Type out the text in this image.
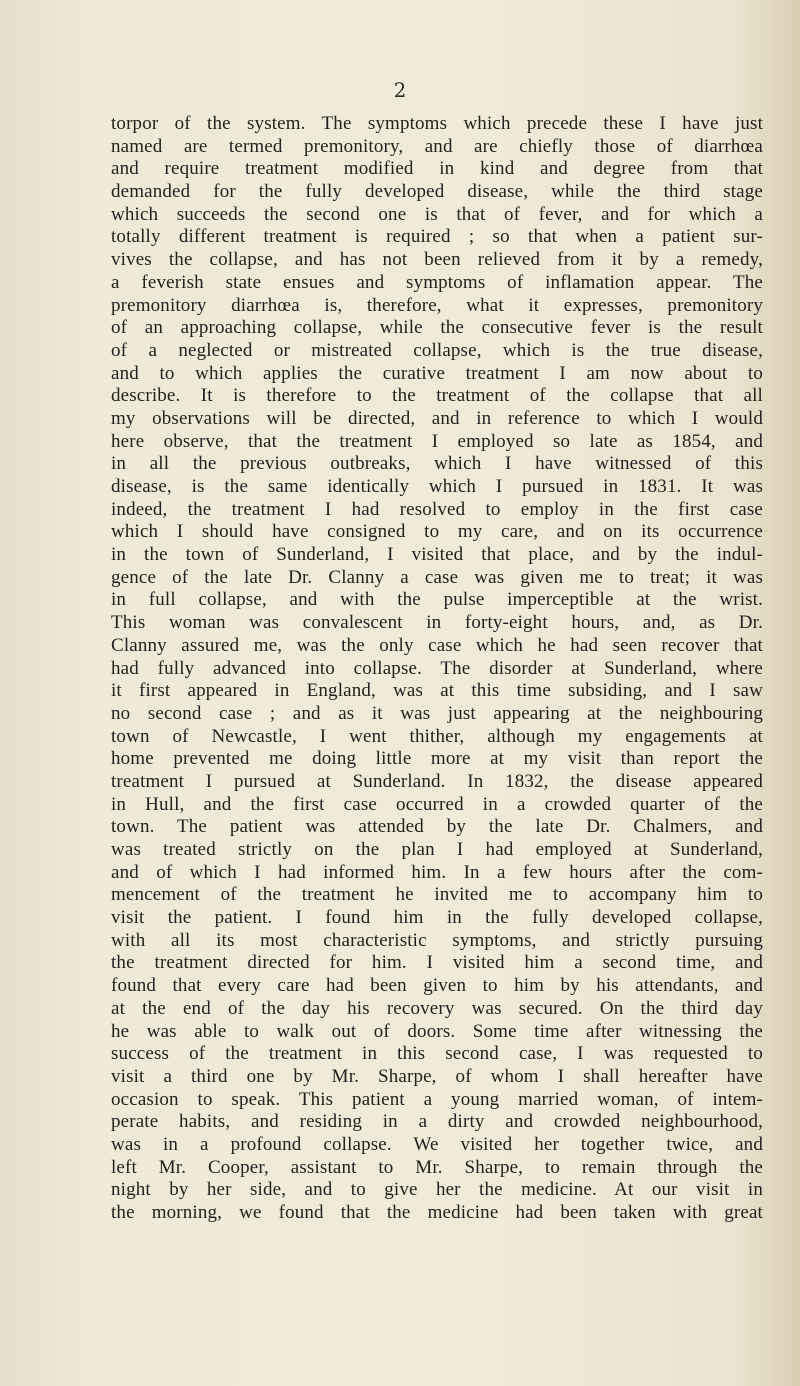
2
torpor of the system. The symptoms which precede these I have just
named are termed premonitory, and are chiefly those of diarrhœa
and require treatment modified in kind and degree from that
demanded for the fully developed disease, while the third stage
which succeeds the second one is that of fever, and for which a
totally different treatment is required ; so that when a patient sur-
vives the collapse, and has not been relieved from it by a remedy,
a feverish state ensues and symptoms of inflamation appear. The
premonitory diarrhœa is, therefore, what it expresses, premonitory
of an approaching collapse, while the consecutive fever is the result
of a neglected or mistreated collapse, which is the true disease,
and to which applies the curative treatment I am now about to
describe. It is therefore to the treatment of the collapse that all
my observations will be directed, and in reference to which I would
here observe, that the treatment I employed so late as 1854, and
in all the previous outbreaks, which I have witnessed of this
disease, is the same identically which I pursued in 1831. It was
indeed, the treatment I had resolved to employ in the first case
which I should have consigned to my care, and on its occurrence
in the town of Sunderland, I visited that place, and by the indul-
gence of the late Dr. Clanny a case was given me to treat; it was
in full collapse, and with the pulse imperceptible at the wrist.
This woman was convalescent in forty-eight hours, and, as Dr.
Clanny assured me, was the only case which he had seen recover that
had fully advanced into collapse. The disorder at Sunderland, where
it first appeared in England, was at this time subsiding, and I saw
no second case ; and as it was just appearing at the neighbouring
town of Newcastle, I went thither, although my engagements at
home prevented me doing little more at my visit than report the
treatment I pursued at Sunderland. In 1832, the disease appeared
in Hull, and the first case occurred in a crowded quarter of the
town. The patient was attended by the late Dr. Chalmers, and
was treated strictly on the plan I had employed at Sunderland,
and of which I had informed him. In a few hours after the com-
mencement of the treatment he invited me to accompany him to
visit the patient. I found him in the fully developed collapse,
with all its most characteristic symptoms, and strictly pursuing
the treatment directed for him. I visited him a second time, and
found that every care had been given to him by his attendants, and
at the end of the day his recovery was secured. On the third day
he was able to walk out of doors. Some time after witnessing the
success of the treatment in this second case, I was requested to
visit a third one by Mr. Sharpe, of whom I shall hereafter have
occasion to speak. This patient a young married woman, of intem-
perate habits, and residing in a dirty and crowded neighbourhood,
was in a profound collapse. We visited her together twice, and
left Mr. Cooper, assistant to Mr. Sharpe, to remain through the
night by her side, and to give her the medicine. At our visit in
the morning, we found that the medicine had been taken with great
